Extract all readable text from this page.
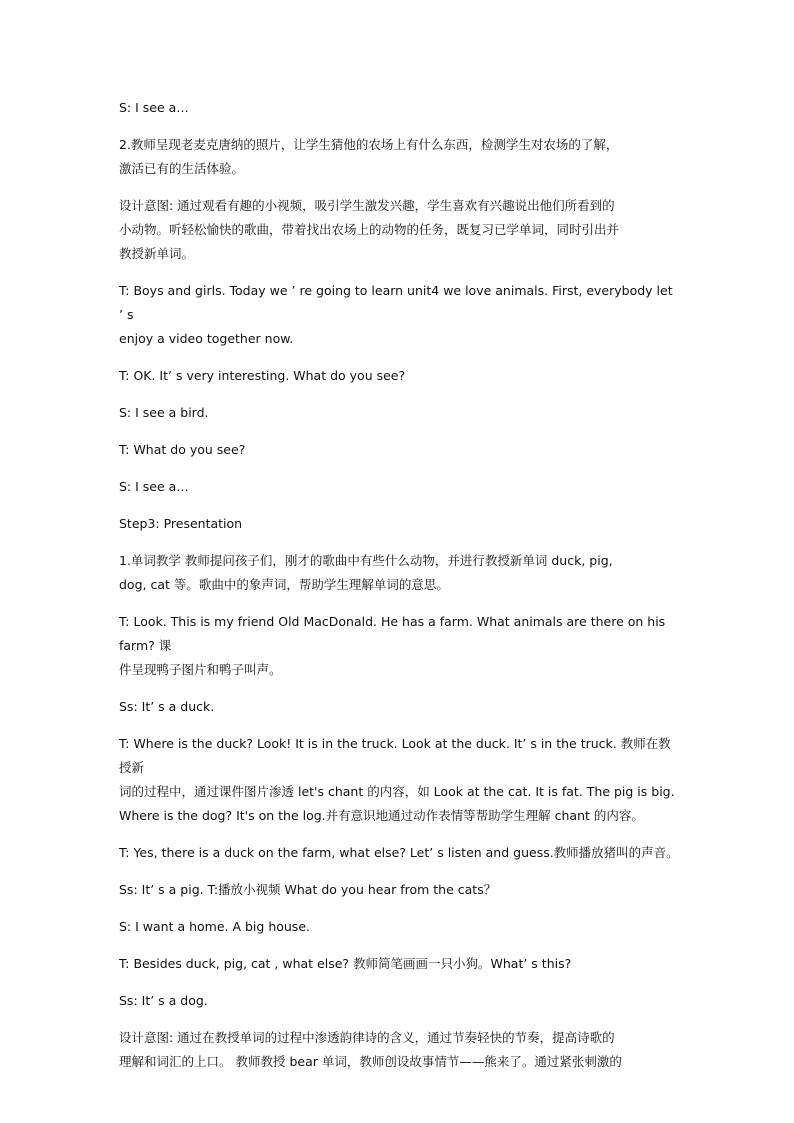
S: I see a…

2.教师呈现老麦克唐纳的照片，让学生猜他的农场上有什么东西，检测学生对农场的了解，
激活已有的生活体验。

设计意图: 通过观看有趣的小视频，吸引学生激发兴趣，学生喜欢有兴趣说出他们所看到的
小动物。听轻松愉快的歌曲，带着找出农场上的动物的任务，既复习已学单词，同时引出并
教授新单词。

T: Boys and girls. Today we ’ re going to learn unit4 we love animals. First, everybody let ’ s
enjoy a video together now.

T: OK. It’ s very interesting. What do you see?

S: I see a bird.

T: What do you see?

S: I see a…

Step3: Presentation

1.单词教学 教师提问孩子们，刚才的歌曲中有些什么动物，并进行教授新单词 duck, pig,
dog, cat 等。歌曲中的象声词，帮助学生理解单词的意思。

T: Look. This is my friend Old MacDonald. He has a farm. What animals are there on his farm? 课
件呈现鸭子图片和鸭子叫声。

Ss: It’ s a duck.

T: Where is the duck? Look! It is in the truck. Look at the duck. It’ s in the truck. 教师在教授新
词的过程中，通过课件图片渗透 let's chant 的内容，如 Look at the cat. It is fat. The pig is big.
Where is the dog? It's on the log.并有意识地通过动作表情等帮助学生理解 chant 的内容。

T: Yes, there is a duck on the farm, what else? Let’ s listen and guess.教师播放猪叫的声音。

Ss: It’ s a pig. T:播放小视频 What do you hear from the cats？

S: I want a home. A big house.

T: Besides duck, pig, cat , what else? 教师简笔画画一只小狗。What’ s this?

Ss: It’ s a dog.

设计意图: 通过在教授单词的过程中渗透韵律诗的含义，通过节奏轻快的节奏，提高诗歌的
理解和词汇的上口。 教师教授 bear 单词，教师创设故事情节——熊来了。通过紧张刺激的
